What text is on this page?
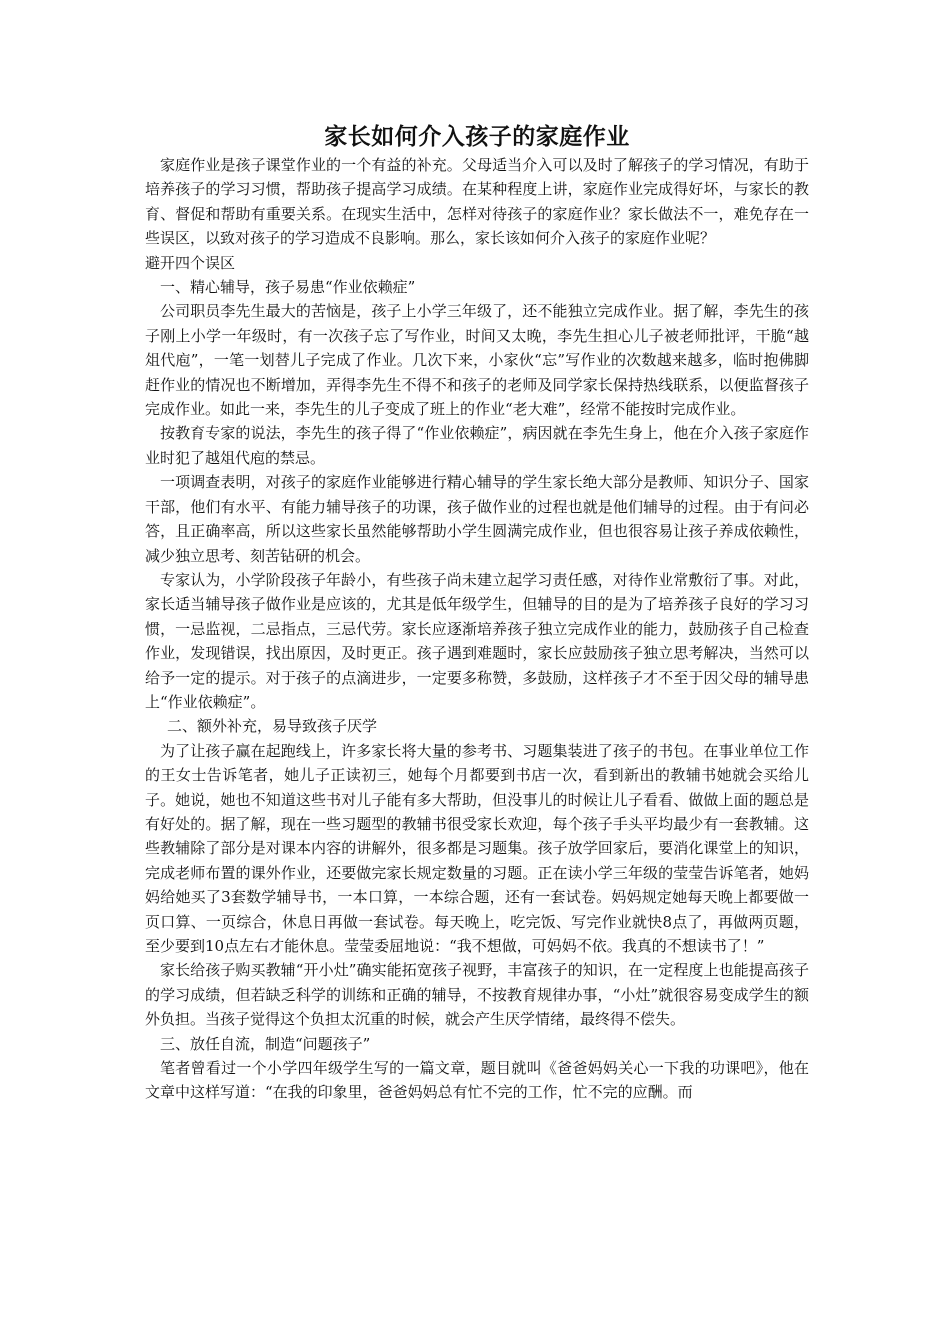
家长如何介入孩子的家庭作业

家庭作业是孩子课堂作业的一个有益的补充。父母适当介入可以及时了解孩子的学习情况，有助于培养孩子的学习习惯，帮助孩子提高学习成绩。在某种程度上讲，家庭作业完成得好坏，与家长的教育、督促和帮助有重要关系。在现实生活中，怎样对待孩子的家庭作业？家长做法不一，难免存在一些误区，以致对孩子的学习造成不良影响。那么，家长该如何介入孩子的家庭作业呢？

避开四个误区

一、精心辅导，孩子易患“作业依赖症”

公司职员李先生最大的苦恼是，孩子上小学三年级了，还不能独立完成作业。据了解，李先生的孩子刚上小学一年级时，有一次孩子忘了写作业，时间又太晚，李先生担心儿子被老师批评，干脆“越俎代庖”，一笔一划替儿子完成了作业。几次下来，小家伙“忘”写作业的次数越来越多，临时抱佛脚赶作业的情况也不断增加，弄得李先生不得不和孩子的老师及同学家长保持热线联系，以便监督孩子完成作业。如此一来，李先生的儿子变成了班上的作业“老大难”，经常不能按时完成作业。

按教育专家的说法，李先生的孩子得了“作业依赖症”，病因就在李先生身上，他在介入孩子家庭作业时犯了越俎代庖的禁忌。

一项调查表明，对孩子的家庭作业能够进行精心辅导的学生家长绝大部分是教师、知识分子、国家干部，他们有水平、有能力辅导孩子的功课，孩子做作业的过程也就是他们辅导的过程。由于有问必答，且正确率高，所以这些家长虽然能够帮助小学生圆满完成作业，但也很容易让孩子养成依赖性，减少独立思考、刻苦钻研的机会。

专家认为，小学阶段孩子年龄小，有些孩子尚未建立起学习责任感，对待作业常敷衍了事。对此，家长适当辅导孩子做作业是应该的，尤其是低年级学生，但辅导的目的是为了培养孩子良好的学习习惯，一忌监视，二忌指点，三忌代劳。家长应逐渐培养孩子独立完成作业的能力，鼓励孩子自己检查作业，发现错误，找出原因，及时更正。孩子遇到难题时，家长应鼓励孩子独立思考解决，当然可以给予一定的提示。对于孩子的点滴进步，一定要多称赞，多鼓励，这样孩子才不至于因父母的辅导患上“作业依赖症”。

二、额外补充，易导致孩子厌学

为了让孩子赢在起跑线上，许多家长将大量的参考书、习题集装进了孩子的书包。在事业单位工作的王女士告诉笔者，她儿子正读初三，她每个月都要到书店一次，看到新出的教辅书她就会买给儿子。她说，她也不知道这些书对儿子能有多大帮助，但没事儿的时候让儿子看看、做做上面的题总是有好处的。据了解，现在一些习题型的教辅书很受家长欢迎，每个孩子手头平均最少有一套教辅。这些教辅除了部分是对课本内容的讲解外，很多都是习题集。孩子放学回家后，要消化课堂上的知识，完成老师布置的课外作业，还要做完家长规定数量的习题。正在读小学三年级的莹莹告诉笔者，她妈妈给她买了3套数学辅导书，一本口算，一本综合题，还有一套试卷。妈妈规定她每天晚上都要做一页口算、一页综合，休息日再做一套试卷。每天晚上，吃完饭、写完作业就快8点了，再做两页题，至少要到10点左右才能休息。莹莹委屈地说：“我不想做，可妈妈不依。我真的不想读书了！”

家长给孩子购买教辅“开小灶”确实能拓宽孩子视野，丰富孩子的知识，在一定程度上也能提高孩子的学习成绩，但若缺乏科学的训练和正确的辅导，不按教育规律办事，“小灶”就很容易变成学生的额外负担。当孩子觉得这个负担太沉重的时候，就会产生厌学情绪，最终得不偿失。

三、放任自流，制造“问题孩子”

笔者曾看过一个小学四年级学生写的一篇文章，题目就叫《爸爸妈妈关心一下我的功课吧》，他在文章中这样写道：“在我的印象里，爸爸妈妈总有忙不完的工作，忙不完的应酬。而
